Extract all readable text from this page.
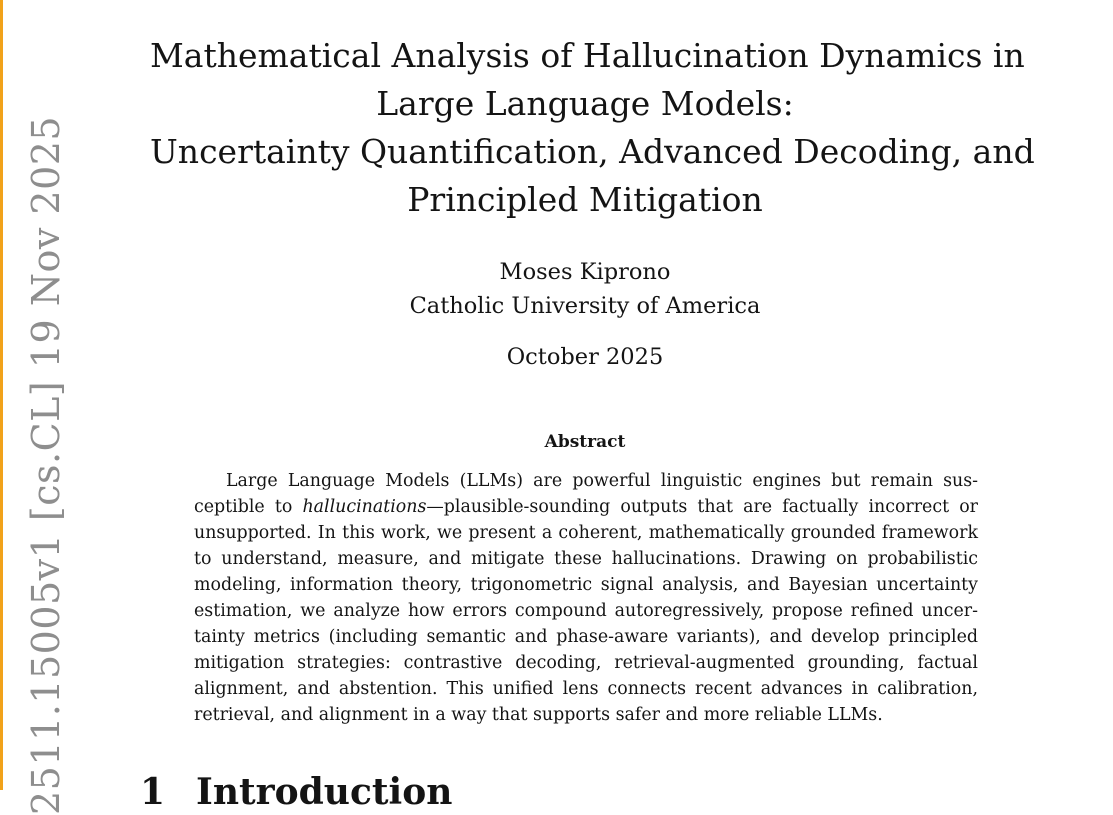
2511.15005v1 [cs.CL] 19 Nov 2025
Mathematical Analysis of Hallucination Dynamics in
Large Language Models:
Uncertainty Quantification, Advanced Decoding, and
Principled Mitigation
Moses Kiprono
Catholic University of America
October 2025
Abstract
Large Language Models (LLMs) are powerful linguistic engines but remain sus-
ceptible to hallucinations—plausible-sounding outputs that are factually incorrect or
unsupported. In this work, we present a coherent, mathematically grounded framework
to understand, measure, and mitigate these hallucinations. Drawing on probabilistic
modeling, information theory, trigonometric signal analysis, and Bayesian uncertainty
estimation, we analyze how errors compound autoregressively, propose refined uncer-
tainty metrics (including semantic and phase-aware variants), and develop principled
mitigation strategies: contrastive decoding, retrieval-augmented grounding, factual
alignment, and abstention. This unified lens connects recent advances in calibration,
retrieval, and alignment in a way that supports safer and more reliable LLMs.
1 Introduction
